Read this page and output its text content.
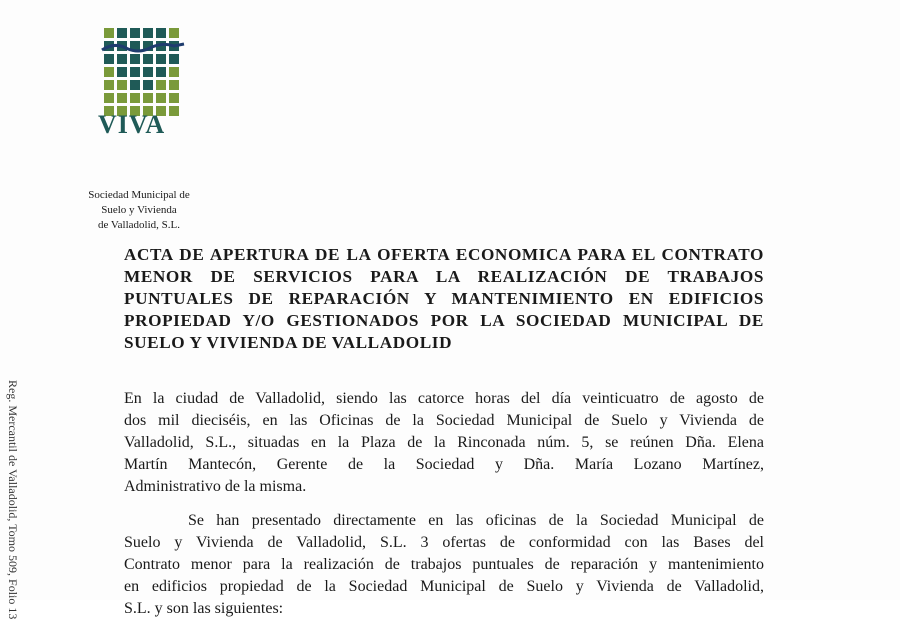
VIVA
Sociedad Municipal de
Suelo y Vivienda
de Valladolid, S.L.
Reg. Mercantil de Valladolid, Tomo 509, Folio 13
ACTA DE APERTURA DE LA OFERTA ECONOMICA PARA EL CONTRATO
MENOR DE SERVICIOS PARA LA REALIZACIÓN DE TRABAJOS
PUNTUALES DE REPARACIÓN Y MANTENIMIENTO EN EDIFICIOS
PROPIEDAD Y/O GESTIONADOS POR LA SOCIEDAD MUNICIPAL DE
SUELO Y VIVIENDA DE VALLADOLID
En la ciudad de Valladolid, siendo las catorce horas del día veinticuatro de agosto de
dos mil dieciséis, en las Oficinas de la Sociedad Municipal de Suelo y Vivienda de
Valladolid, S.L., situadas en la Plaza de la Rinconada núm. 5, se reúnen Dña. Elena
Martín Mantecón, Gerente de la Sociedad y Dña. María Lozano Martínez,
Administrativo de la misma.
Se han presentado directamente en las oficinas de la Sociedad Municipal de
Suelo y Vivienda de Valladolid, S.L. 3 ofertas de conformidad con las Bases del
Contrato menor para la realización de trabajos puntuales de reparación y mantenimiento
en edificios propiedad de la Sociedad Municipal de Suelo y Vivienda de Valladolid,
S.L. y son las siguientes:
